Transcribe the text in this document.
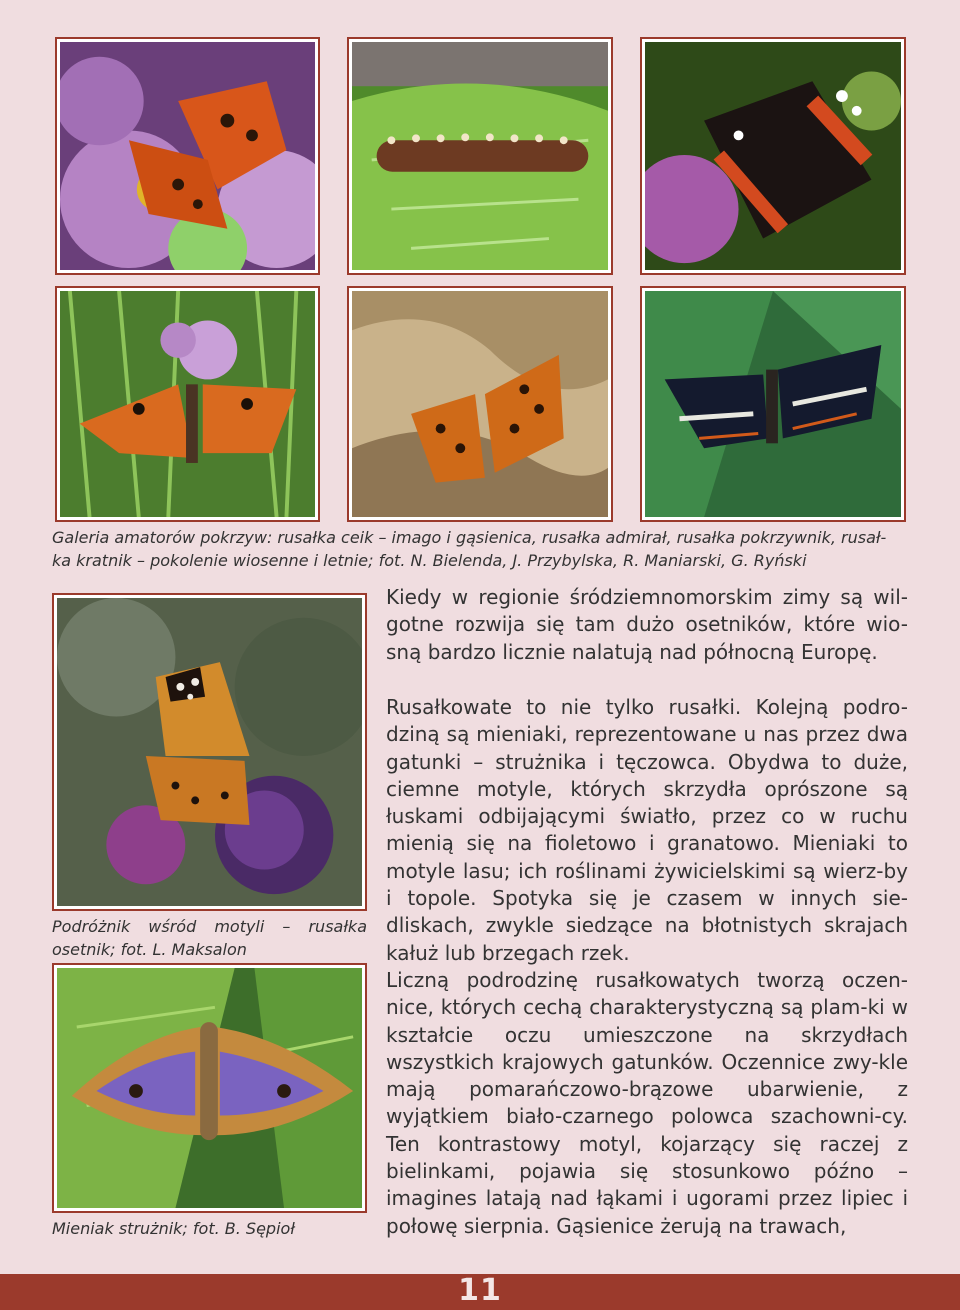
Galeria amatorów pokrzyw: rusałka ceik – imago i gąsienica, rusałka admirał, rusałka pokrzywnik, rusał-
ka kratnik – pokolenie wiosenne i letnie; fot. N. Bielenda, J. Przybylska, R. Maniarski, G. Ryński
Podróżnik wśród motyli – rusałka osetnik; fot. L. Maksalon
Mieniak strużnik; fot. B. Sępioł

Kiedy w regionie śródziemnomorskim zimy są wil-gotne rozwija się tam dużo osetników, które wio-sną bardzo licznie nalatują nad północną Europę.

Rusałkowate to nie tylko rusałki. Kolejną podro-dziną są mieniaki, reprezentowane u nas przez dwa gatunki – strużnika i tęczowca. Obydwa to duże, ciemne motyle, których skrzydła oprószone są łuskami odbijającymi światło, przez co w ruchu mienią się na fioletowo i granatowo. Mieniaki to motyle lasu; ich roślinami żywicielskimi są wierz-by i topole. Spotyka się je czasem w innych sie-dliskach, zwykle siedzące na błotnistych skrajach kałuż lub brzegach rzek.

Liczną podrodzinę rusałkowatych tworzą oczen-nice, których cechą charakterystyczną są plam-ki w kształcie oczu umieszczone na skrzydłach wszystkich krajowych gatunków. Oczennice zwy-kle mają pomarańczowo-brązowe ubarwienie, z wyjątkiem biało-czarnego polowca szachowni-cy. Ten kontrastowy motyl, kojarzący się raczej z bielinkami, pojawia się stosunkowo późno – imagines latają nad łąkami i ugorami przez lipiec i połowę sierpnia. Gąsienice żerują na trawach,

11
